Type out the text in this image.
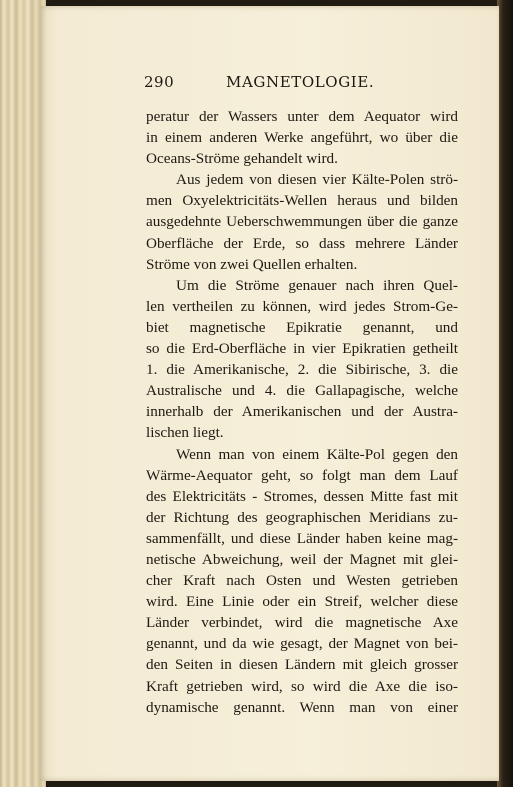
290	MAGNETOLOGIE.
peratur der Wassers unter dem Aequator wird
in einem anderen Werke angeführt, wo über die
Oceans-Ströme gehandelt wird.
Aus jedem von diesen vier Kälte-Polen strö-
men Oxyelektricitäts-Wellen heraus und bilden
ausgedehnte Ueberschwemmungen über die ganze
Oberfläche der Erde, so dass mehrere Länder
Ströme von zwei Quellen erhalten.
Um die Ströme genauer nach ihren Quel-
len vertheilen zu können, wird jedes Strom-Ge-
biet magnetische Epikratie genannt, und
so die Erd-Oberfläche in vier Epikratien getheilt
1. die Amerikanische, 2. die Sibirische, 3. die
Australische und 4. die Gallapagische, welche
innerhalb der Amerikanischen und der Austra-
lischen liegt.
Wenn man von einem Kälte-Pol gegen den
Wärme-Aequator geht, so folgt man dem Lauf
des Elektricitäts - Stromes, dessen Mitte fast mit
der Richtung des geographischen Meridians zu-
sammenfällt, und diese Länder haben keine mag-
netische Abweichung, weil der Magnet mit glei-
cher Kraft nach Osten und Westen getrieben
wird. Eine Linie oder ein Streif, welcher diese
Länder verbindet, wird die magnetische Axe
genannt, und da wie gesagt, der Magnet von bei-
den Seiten in diesen Ländern mit gleich grosser
Kraft getrieben wird, so wird die Axe die iso-
dynamische genannt. Wenn man von einer
